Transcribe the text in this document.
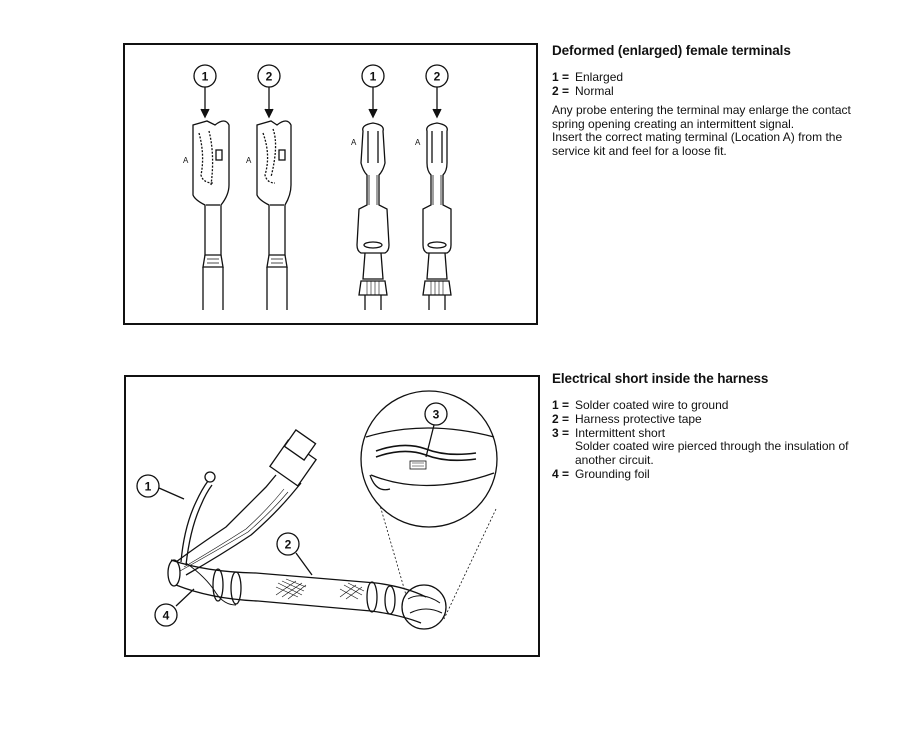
1	2	1	2
A	A
A	A
Deformed (enlarged) female terminals
1 = Enlarged
2 = Normal
Any probe entering the terminal may enlarge the contact
spring opening creating an intermittent signal.
Insert the correct mating terminal (Location A) from the
service kit and feel for a loose fit.
1
2
3
4
Electrical short inside the harness
1 = Solder coated wire to ground
2 = Harness protective tape
3 = Intermittent short
Solder coated wire pierced through the insulation of
another circuit.
4 = Grounding foil
